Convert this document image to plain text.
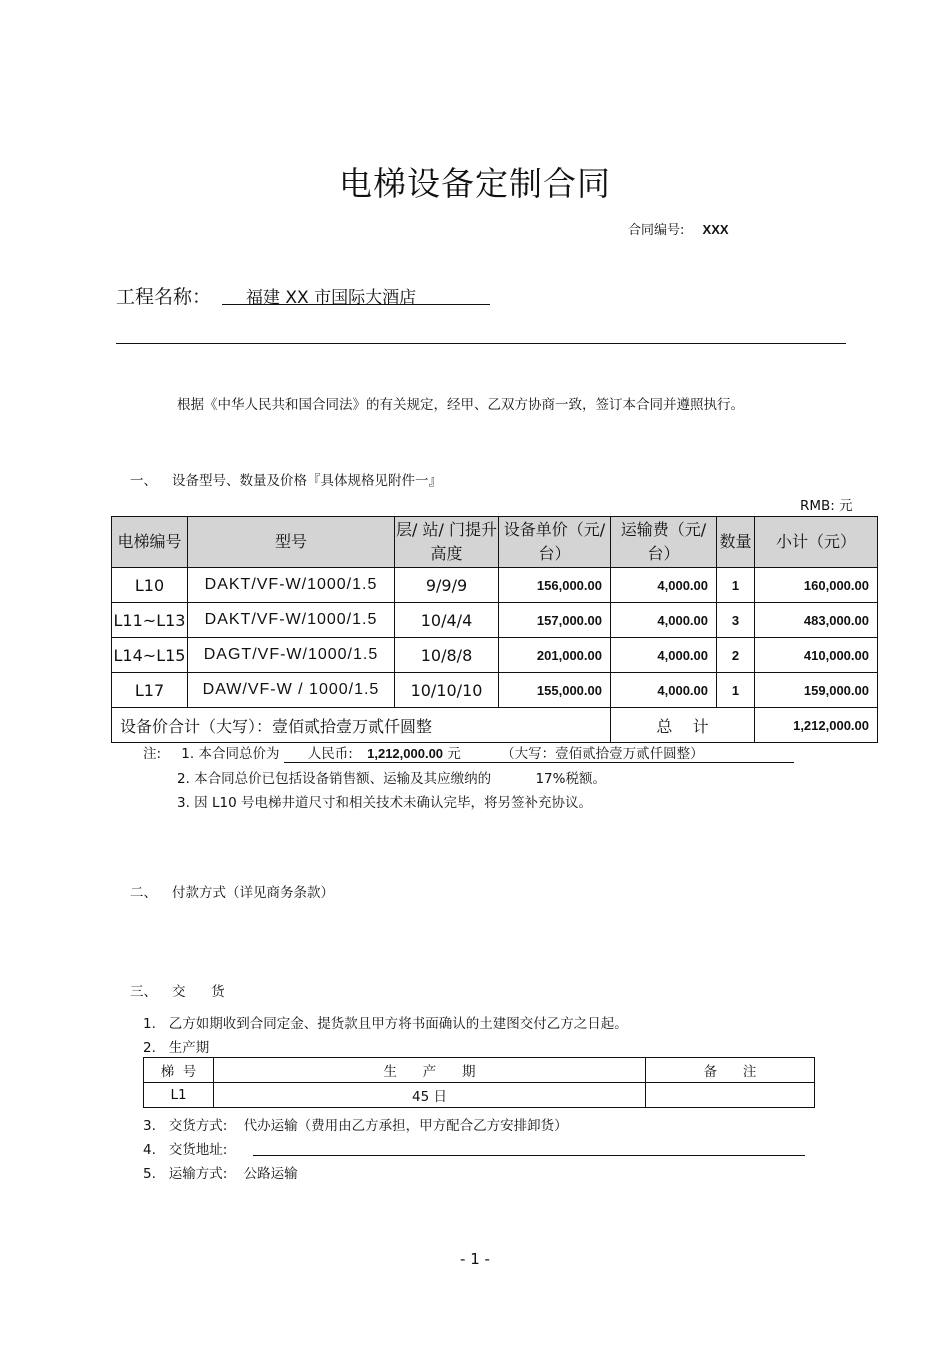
电梯设备定制合同
合同编号: XXX
工程名称：	福建 XX 市国际大酒店
根据《中华人民共和国合同法》的有关规定，经甲、乙双方协商一致，签订本合同并遵照执行。
一、 设备型号、数量及价格『具体规格见附件一』
RMB: 元
电梯编号	型号	层/ 站/ 门提升高度	设备单价（元/ 台）	运输费（元/ 台）	数量	小计（元）
L10	DAKT/VF-W/1000/1.5	9/9/9	156,000.00	4,000.00	1	160,000.00
L11~L13	DAKT/VF-W/1000/1.5	10/4/4	157,000.00	4,000.00	3	483,000.00
L14~L15	DAGT/VF-W/1000/1.5	10/8/8	201,000.00	4,000.00	2	410,000.00
L17	DAW/VF-W / 1000/1.5	10/10/10	155,000.00	4,000.00	1	159,000.00
设备价合计（大写）：壹佰贰拾壹万贰仟圆整				总    计		1,212,000.00
注: 1. 本合同总价为 人民币: 1,212,000.00 元	（大写：壹佰贰拾壹万贰仟圆整）
2. 本合同总价已包括设备销售额、运输及其应缴纳的	17%税额。
3. 因 L10 号电梯井道尺寸和相关技术未确认完毕，将另签补充协议。
二、 付款方式（详见商务条款）
三、 交      货
1.   乙方如期收到合同定金、提货款且甲方将书面确认的土建图交付乙方之日起。
2.   生产期
梯  号	生      产      期	备      注
L1	45 日	
3.   交货方式: 代办运输（费用由乙方承担，甲方配合乙方安排卸货）
4.   交货地址:
5.   运输方式: 公路运输
- 1 -
